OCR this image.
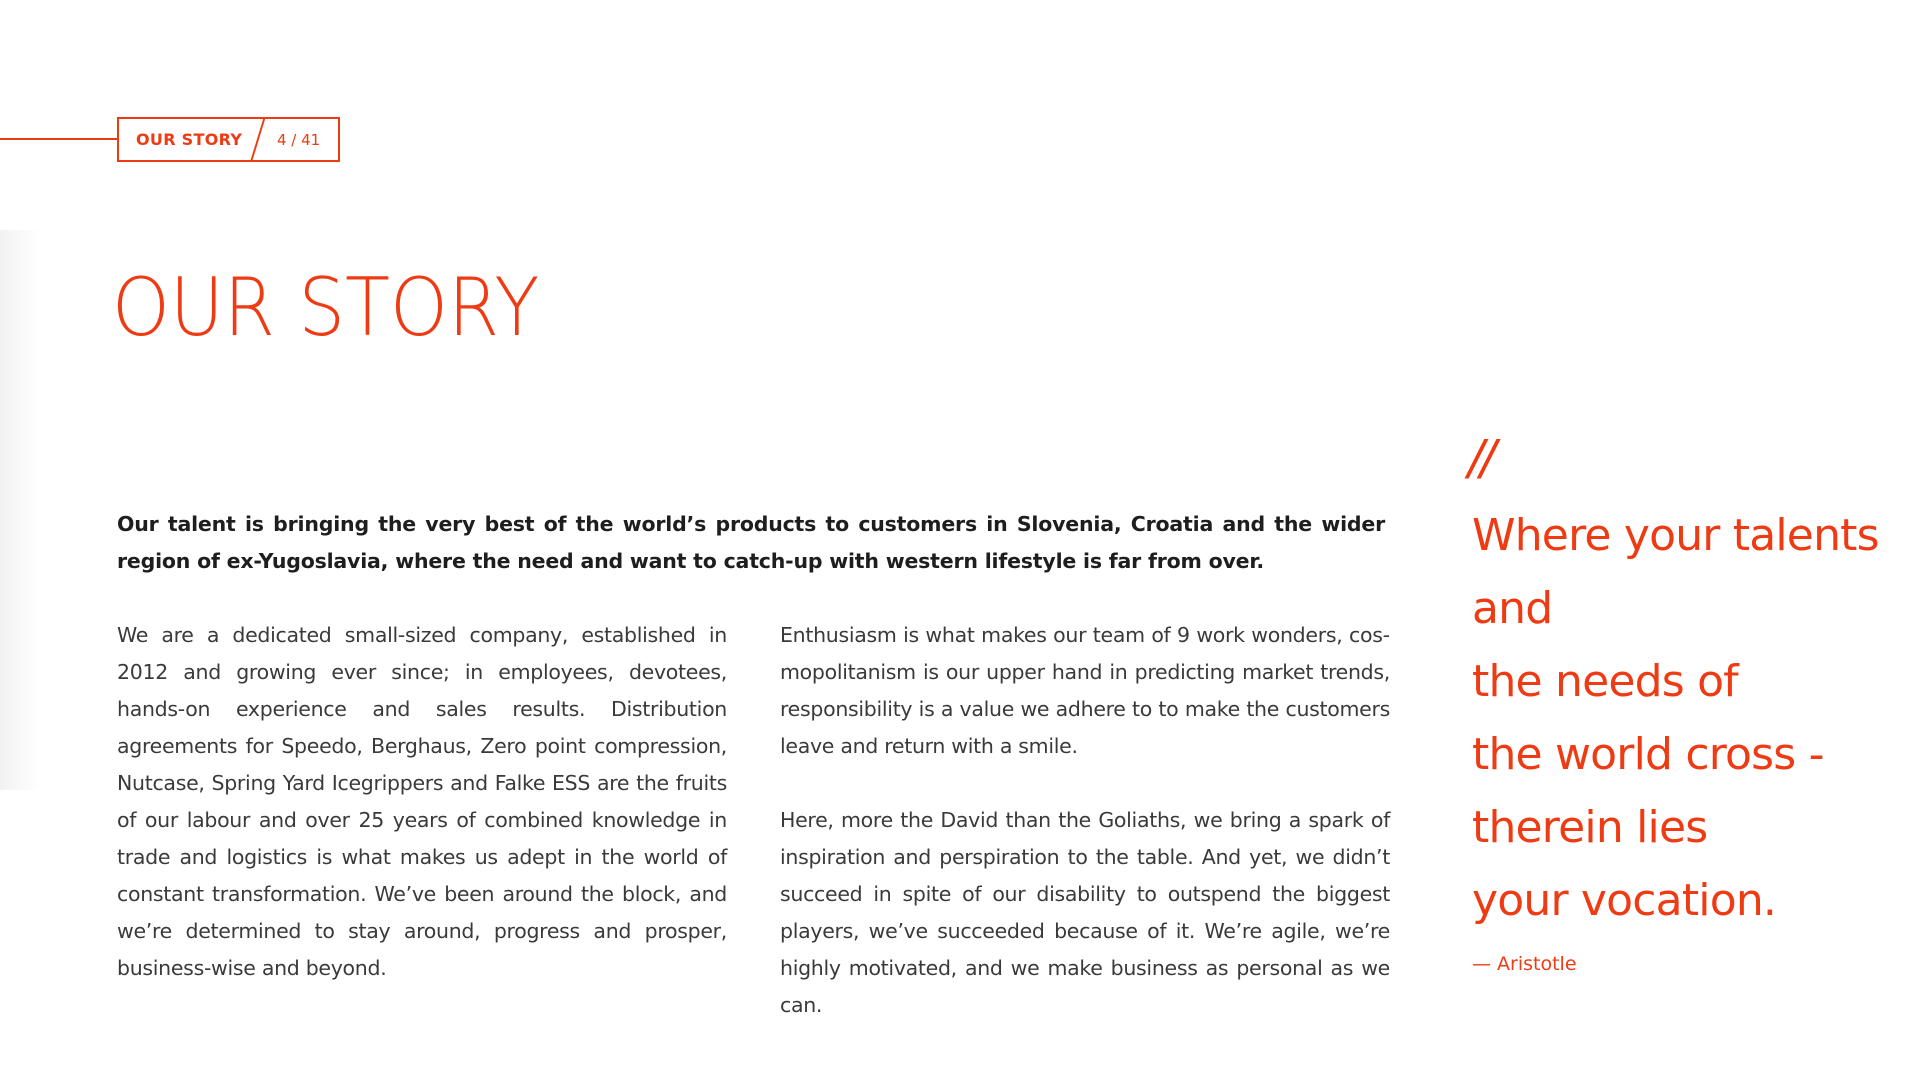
OUR STORY	4 / 41
OUR STORY

Our talent is bringing the very best of the world’s products to customers in Slovenia, Croatia and the wider region of ex-Yugoslavia, where the need and want to catch-up with western lifestyle is far from over.

We are a dedicated small-sized company, established in 2012 and growing ever since; in employees, devotees, hands-on experience and sales results. Distribution agreements for Speedo, Berghaus, Zero point compression, Nutcase, Spring Yard Icegrippers and Falke ESS are the fruits of our labour and over 25 years of combined knowledge in trade and logistics is what makes us adept in the world of constant transformation. We’ve been around the block, and we’re determined to stay around, progress and prosper, business-wise and beyond.

Enthusiasm is what makes our team of 9 work wonders, cosmopolitanism is our upper hand in predicting market trends, responsibility is a value we adhere to to make the customers leave and return with a smile.

Here, more the David than the Goliaths, we bring a spark of inspiration and perspiration to the table. And yet, we didn’t succeed in spite of our disability to outspend the biggest players, we’ve succeeded because of it. We’re agile, we’re highly motivated, and we make business as personal as we can.

//
Where your talents
and
the needs of
the world cross -
therein lies
your vocation.
— Aristotle
